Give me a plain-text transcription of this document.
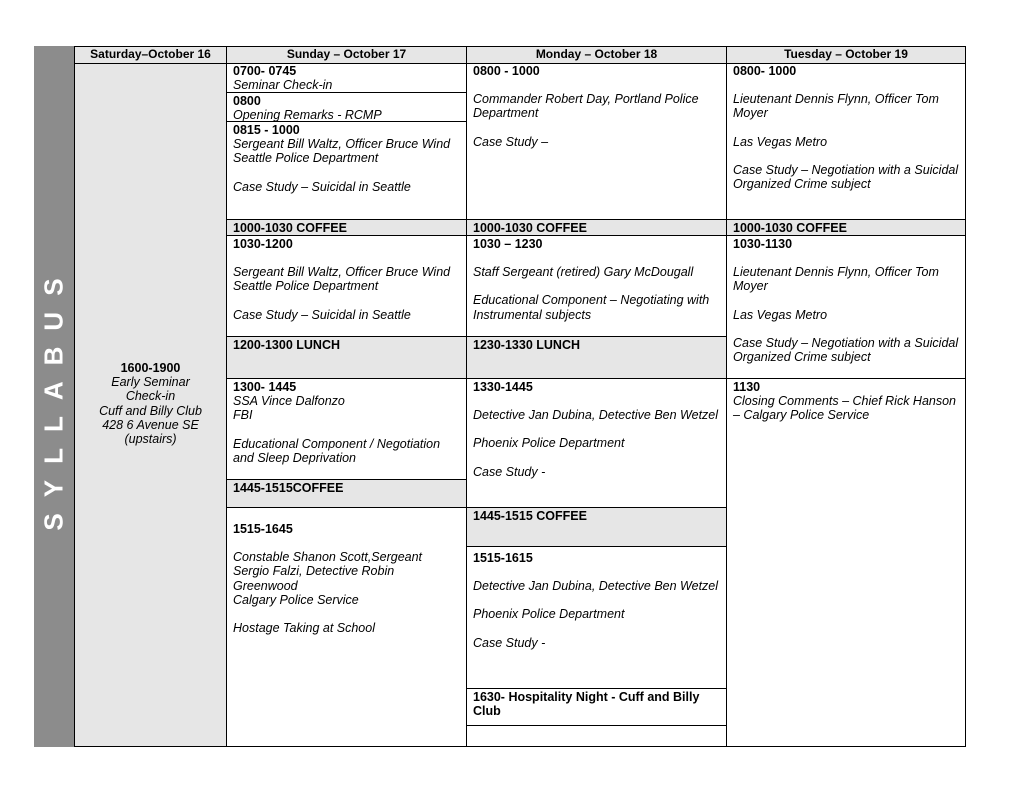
SYLLABUS
Saturday–October 16
1600-1900
Early Seminar
Check-in
Cuff and Billy Club
428 6 Avenue SE
(upstairs)
Sunday – October 17
0700- 0745
Seminar Check-in
0800
Opening Remarks - RCMP
0815 - 1000
Sergeant Bill Waltz, Officer Bruce Wind
Seattle Police Department
Case Study – Suicidal in Seattle
1000-1030 COFFEE
1030-1200
Sergeant Bill Waltz, Officer Bruce Wind
Seattle Police Department
Case Study – Suicidal in Seattle
1200-1300 LUNCH
1300- 1445
SSA Vince Dalfonzo
FBI
Educational Component / Negotiation and Sleep Deprivation
1445-1515COFFEE
1515-1645
Constable Shanon Scott,Sergeant Sergio Falzi, Detective Robin Greenwood
Calgary Police Service
Hostage Taking at School
Monday – October 18
0800 - 1000
Commander Robert Day, Portland Police Department
Case Study –
1000-1030 COFFEE
1030 – 1230
Staff Sergeant (retired) Gary McDougall
Educational Component – Negotiating with Instrumental subjects
1230-1330 LUNCH
1330-1445
Detective Jan Dubina, Detective Ben Wetzel
Phoenix Police Department
Case Study -
1445-1515 COFFEE
1515-1615
Detective Jan Dubina, Detective Ben Wetzel
Phoenix Police Department
Case Study -
1630- Hospitality Night - Cuff and Billy Club
Tuesday – October 19
0800- 1000
Lieutenant Dennis Flynn, Officer Tom Moyer
Las Vegas Metro
Case Study – Negotiation with a Suicidal Organized Crime subject
1000-1030 COFFEE
1030-1130
Lieutenant Dennis Flynn, Officer Tom Moyer
Las Vegas Metro
Case Study – Negotiation with a Suicidal Organized Crime subject
1130
Closing Comments – Chief Rick Hanson – Calgary Police Service
